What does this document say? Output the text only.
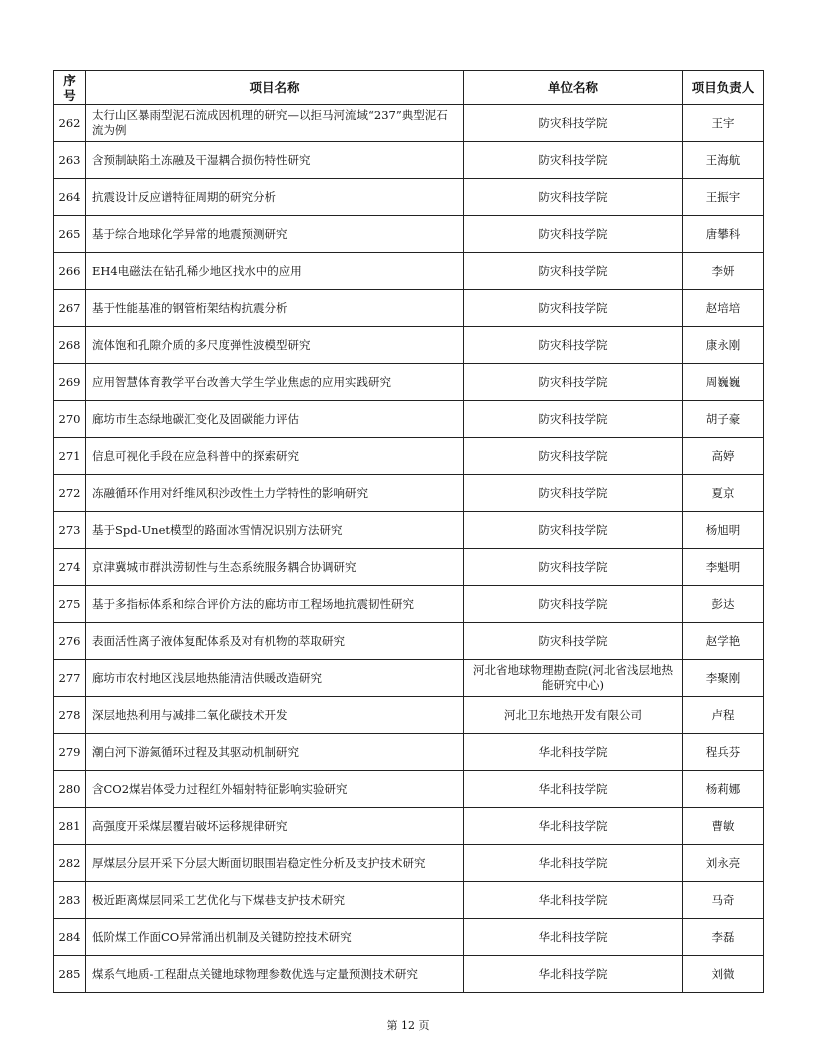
序号	项目名称	单位名称	项目负责人
262	太行山区暴雨型泥石流成因机理的研究—以拒马河流域“237”典型泥石流为例	防灾科技学院	王宇
263	含预制缺陷土冻融及干湿耦合损伤特性研究	防灾科技学院	王海航
264	抗震设计反应谱特征周期的研究分析	防灾科技学院	王振宇
265	基于综合地球化学异常的地震预测研究	防灾科技学院	唐攀科
266	EH4电磁法在钻孔稀少地区找水中的应用	防灾科技学院	李妍
267	基于性能基准的钢管桁架结构抗震分析	防灾科技学院	赵培培
268	流体饱和孔隙介质的多尺度弹性波模型研究	防灾科技学院	康永刚
269	应用智慧体育教学平台改善大学生学业焦虑的应用实践研究	防灾科技学院	周巍巍
270	廊坊市生态绿地碳汇变化及固碳能力评估	防灾科技学院	胡子豪
271	信息可视化手段在应急科普中的探索研究	防灾科技学院	高婷
272	冻融循环作用对纤维风积沙改性土力学特性的影响研究	防灾科技学院	夏京
273	基于Spd-Unet模型的路面冰雪情况识别方法研究	防灾科技学院	杨旭明
274	京津冀城市群洪涝韧性与生态系统服务耦合协调研究	防灾科技学院	李魁明
275	基于多指标体系和综合评价方法的廊坊市工程场地抗震韧性研究	防灾科技学院	彭达
276	表面活性离子液体复配体系及对有机物的萃取研究	防灾科技学院	赵学艳
277	廊坊市农村地区浅层地热能清洁供暖改造研究	河北省地球物理勘查院(河北省浅层地热能研究中心)	李聚刚
278	深层地热利用与减排二氧化碳技术开发	河北卫东地热开发有限公司	卢程
279	潮白河下游氮循环过程及其驱动机制研究	华北科技学院	程兵芬
280	含CO2煤岩体受力过程红外辐射特征影响实验研究	华北科技学院	杨莉娜
281	高强度开采煤层覆岩破坏运移规律研究	华北科技学院	曹敏
282	厚煤层分层开采下分层大断面切眼围岩稳定性分析及支护技术研究	华北科技学院	刘永亮
283	极近距离煤层同采工艺优化与下煤巷支护技术研究	华北科技学院	马奇
284	低阶煤工作面CO异常涌出机制及关键防控技术研究	华北科技学院	李磊
285	煤系气地质-工程甜点关键地球物理参数优选与定量预测技术研究	华北科技学院	刘微
第 12 页
